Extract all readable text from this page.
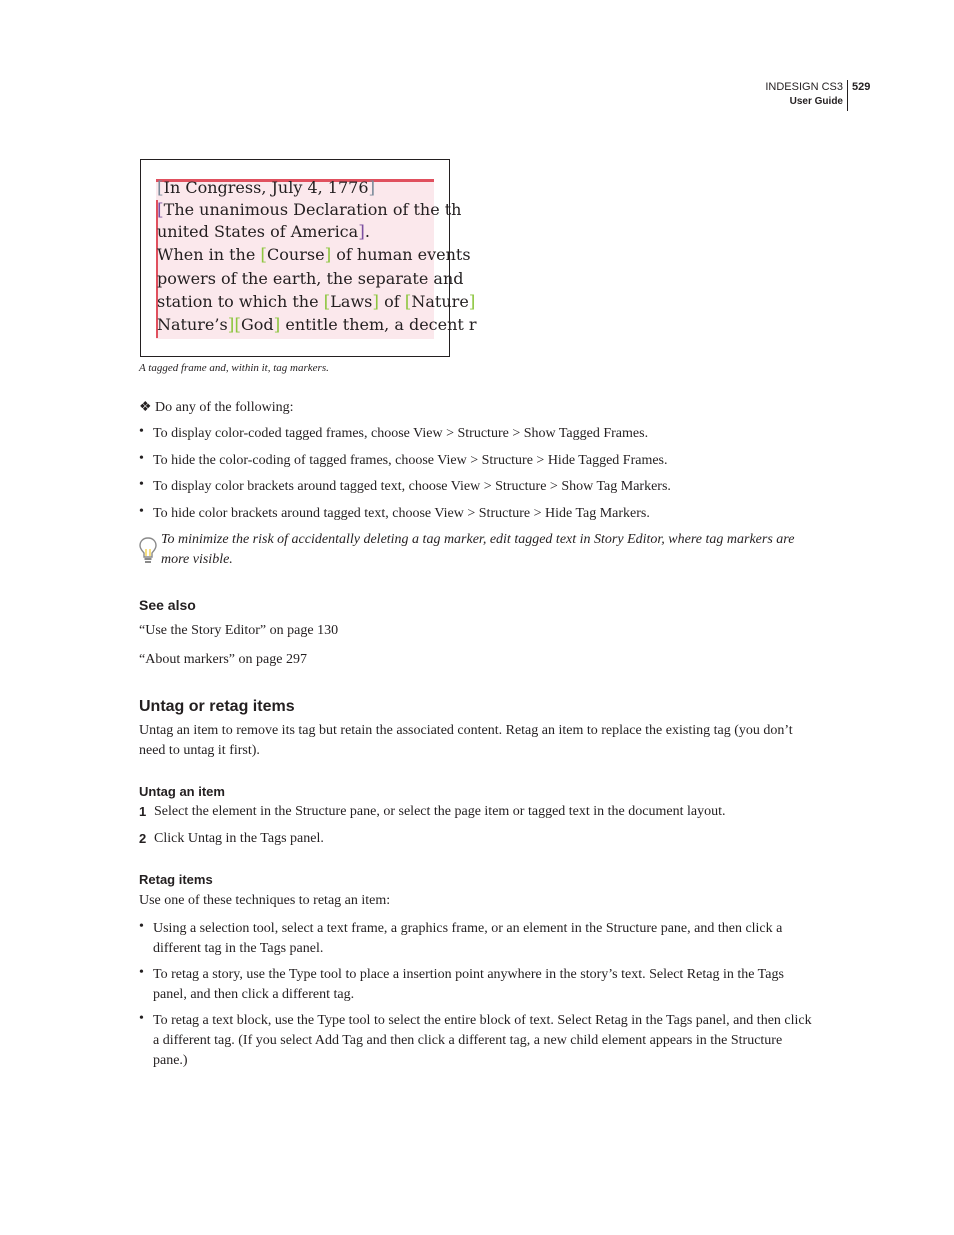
INDESIGN CS3
User Guide
529
[In Congress, July 4, 1776]
[The unanimous Declaration of the th
united States of America].
When in the [Course] of human events
powers of the earth, the separate and
station to which the [Laws] of [Nature]
Nature’s][God] entitle them, a decent r
A tagged frame and, within it, tag markers.
❖ Do any of the following:
• To display color-coded tagged frames, choose View > Structure > Show Tagged Frames.
• To hide the color-coding of tagged frames, choose View > Structure > Hide Tagged Frames.
• To display color brackets around tagged text, choose View > Structure > Show Tag Markers.
• To hide color brackets around tagged text, choose View > Structure > Hide Tag Markers.
To minimize the risk of accidentally deleting a tag marker, edit tagged text in Story Editor, where tag markers are more visible.
See also
“Use the Story Editor” on page 130
“About markers” on page 297
Untag or retag items
Untag an item to remove its tag but retain the associated content. Retag an item to replace the existing tag (you don’t need to untag it first).
Untag an item
1 Select the element in the Structure pane, or select the page item or tagged text in the document layout.
2 Click Untag in the Tags panel.
Retag items
Use one of these techniques to retag an item:
• Using a selection tool, select a text frame, a graphics frame, or an element in the Structure pane, and then click a different tag in the Tags panel.
• To retag a story, use the Type tool to place a insertion point anywhere in the story’s text. Select Retag in the Tags panel, and then click a different tag.
• To retag a text block, use the Type tool to select the entire block of text. Select Retag in the Tags panel, and then click a different tag. (If you select Add Tag and then click a different tag, a new child element appears in the Structure pane.)
